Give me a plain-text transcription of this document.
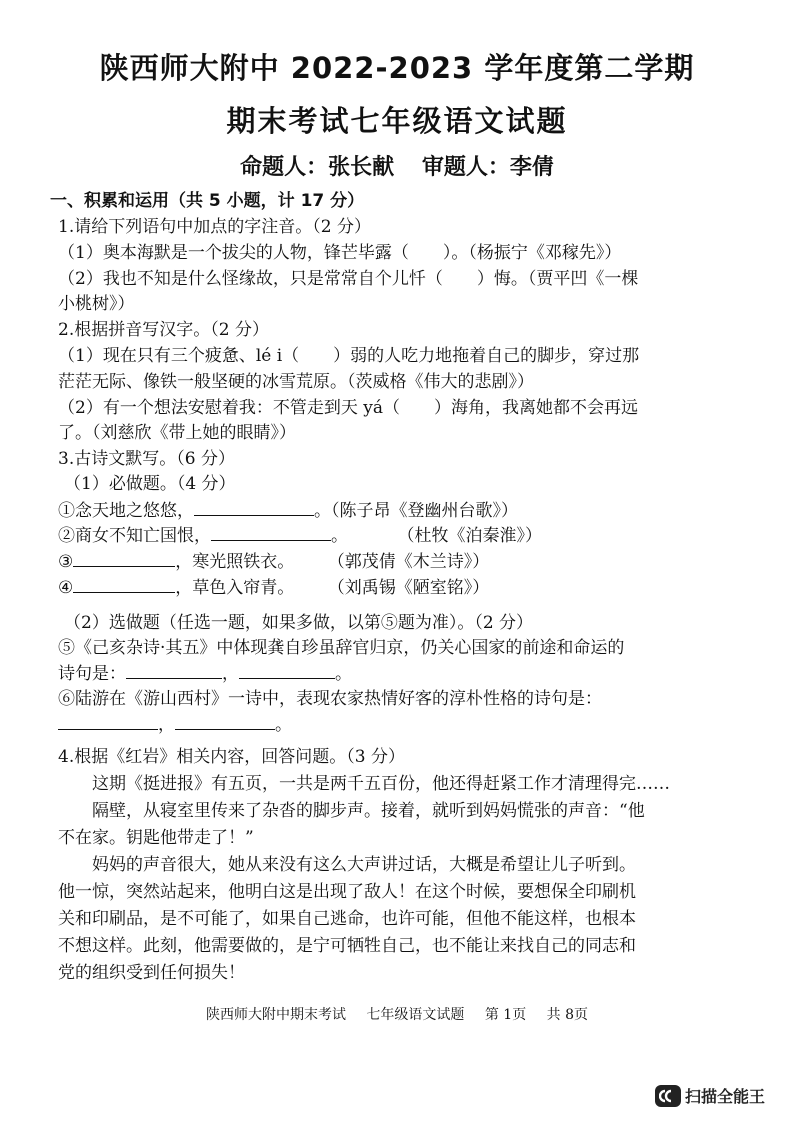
陕西师大附中 2022-2023 学年度第二学期
期末考试七年级语文试题
命题人：张长献 审题人：李倩
一、积累和运用（共 5 小题，计 17 分）
1.请给下列语句中加点的字注音。（2 分）
（1）奥本海默是一个拔尖的人物，锋芒毕露（　　）。（杨振宁《邓稼先》）
（2）我也不知是什么怪缘故，只是常常自个儿忏（　　）悔。（贾平凹《一棵
小桃树》）
2.根据拼音写汉字。（2 分）
（1）现在只有三个疲惫、lé i（　　）弱的人吃力地拖着自己的脚步，穿过那
茫茫无际、像铁一般坚硬的冰雪荒原。（茨威格《伟大的悲剧》）
（2）有一个想法安慰着我：不管走到天 yá（　　）海角，我离她都不会再远
了。（刘慈欣《带上她的眼睛》）
3.古诗文默写。（6 分）
（1）必做题。（4 分）
①念天地之悠悠，	。（陈子昂《登幽州台歌》）
②商女不知亡国恨，	。	（杜牧《泊秦淮》）
③	，寒光照铁衣。 （郭茂倩《木兰诗》）
④	，草色入帘青。 （刘禹锡《陋室铭》）
（2）选做题（任选一题，如果多做，以第⑤题为准）。（2 分）
⑤《己亥杂诗·其五》中体现龚自珍虽辞官归京，仍关心国家的前途和命运的
诗句是：	，	。
⑥陆游在《游山西村》一诗中，表现农家热情好客的淳朴性格的诗句是：
，	。
4.根据《红岩》相关内容，回答问题。（3 分）
这期《挺进报》有五页，一共是两千五百份，他还得赶紧工作才清理得完……
隔壁，从寝室里传来了杂沓的脚步声。接着，就听到妈妈慌张的声音：“他
不在家。钥匙他带走了！”
妈妈的声音很大，她从来没有这么大声讲过话，大概是希望让儿子听到。
他一惊，突然站起来，他明白这是出现了敌人！在这个时候，要想保全印刷机
关和印刷品，是不可能了，如果自己逃命，也许可能，但他不能这样，也根本
不想这样。此刻，他需要做的，是宁可牺牲自己，也不能让来找自己的同志和
党的组织受到任何损失！
陕西师大附中期末考试 七年级语文试题 第 1页 共 8页
扫描全能王
